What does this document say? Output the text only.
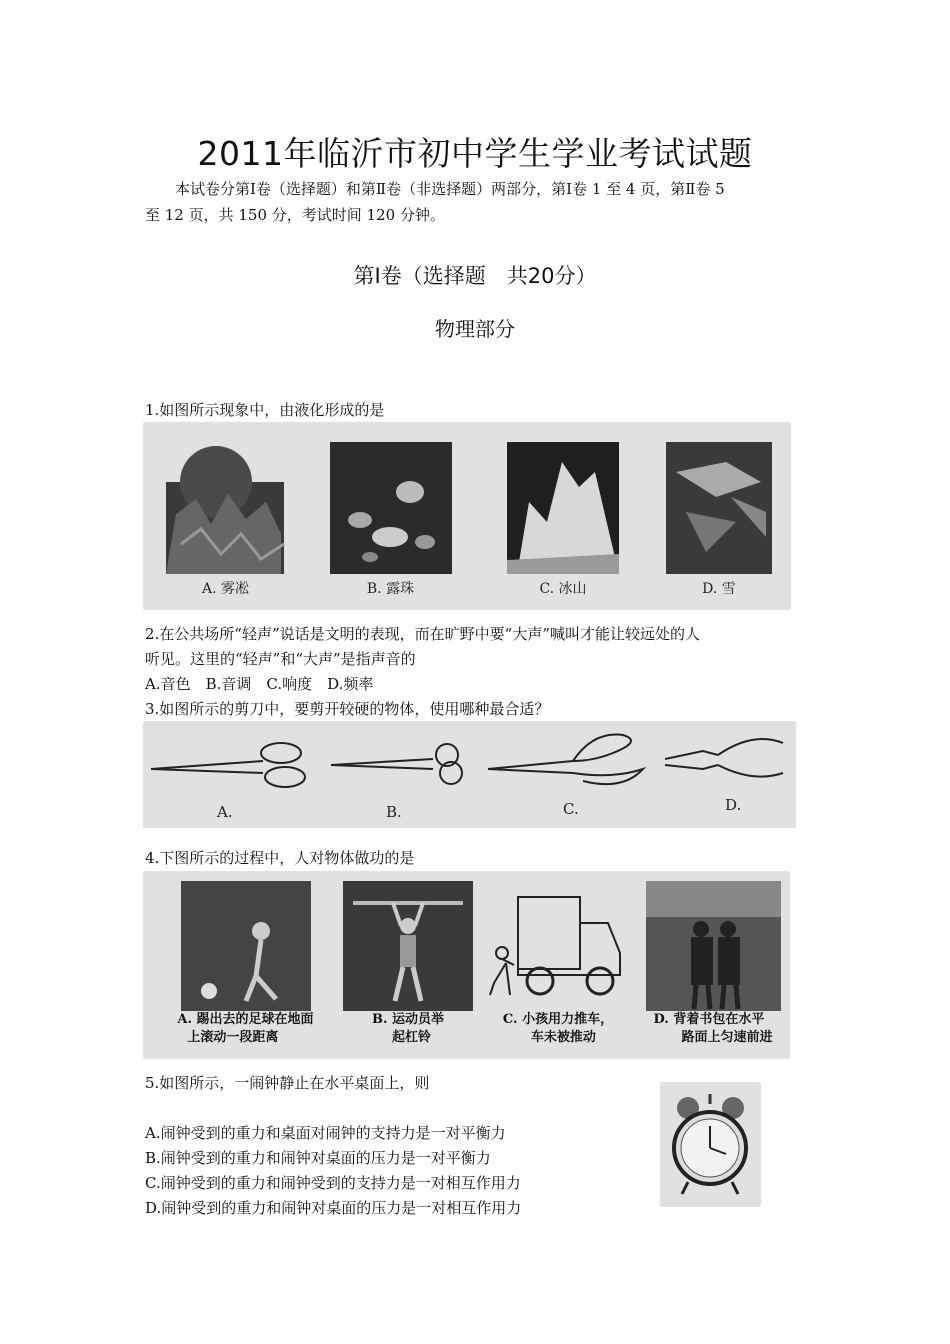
2011年临沂市初中学生学业考试试题
本试卷分第Ⅰ卷（选择题）和第Ⅱ卷（非选择题）两部分，第Ⅰ卷 1 至 4 页，第Ⅱ卷 5
至 12 页，共 150 分，考试时间 120 分钟。
第Ⅰ卷（选择题　共20分）
物理部分
1.如图所示现象中，由液化形成的是
A. 雾凇	B. 露珠	C. 冰山	D. 雪
2.在公共场所“轻声”说话是文明的表现，而在旷野中要“大声”喊叫才能让较远处的人
听见。这里的“轻声”和“大声”是指声音的
A.音色　B.音调　C.响度　D.频率
3.如图所示的剪刀中，要剪开较硬的物体，使用哪种最合适？
A.	B.	C.	D.
4.下图所示的过程中，人对物体做功的是
A. 踢出去的足球在地面
上滚动一段距离
B. 运动员举
起杠铃
C. 小孩用力推车，
车未被推动
D. 背着书包在水平
路面上匀速前进
5.如图所示，一闹钟静止在水平桌面上，则
A.闹钟受到的重力和桌面对闹钟的支持力是一对平衡力
B.闹钟受到的重力和闹钟对桌面的压力是一对平衡力
C.闹钟受到的重力和闹钟受到的支持力是一对相互作用力
D.闹钟受到的重力和闹钟对桌面的压力是一对相互作用力
